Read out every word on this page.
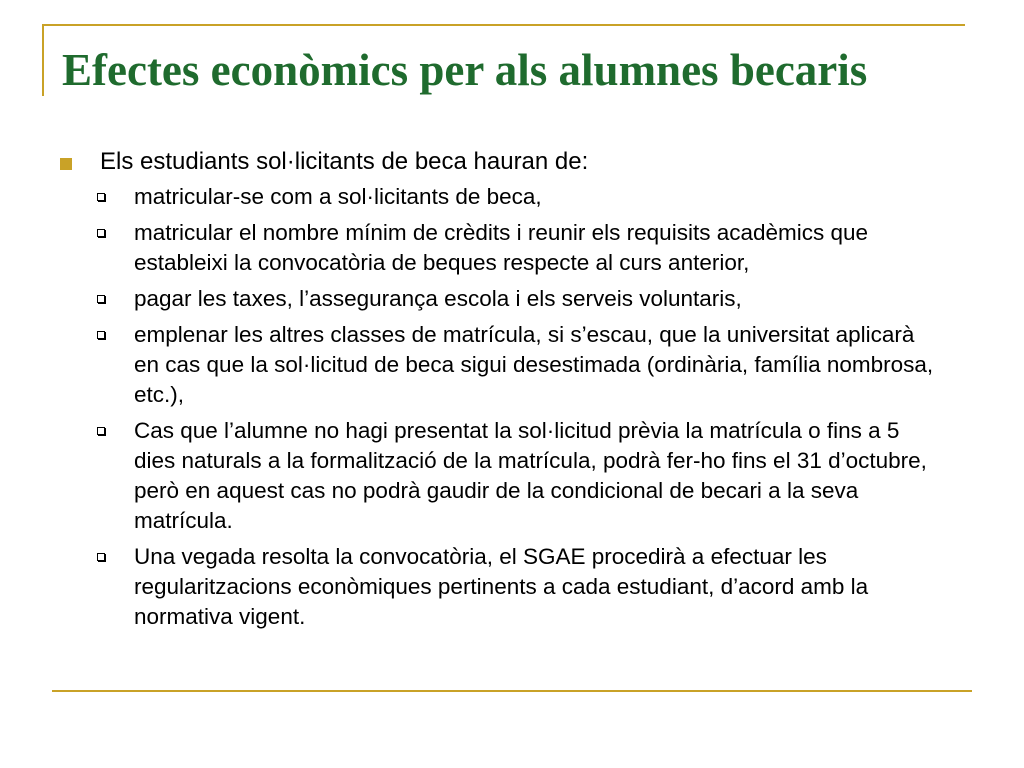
Efectes econòmics per als alumnes becaris
Els estudiants sol·licitants de beca hauran de:
matricular-se com a sol·licitants de beca,
matricular el nombre mínim de crèdits i reunir els requisits acadèmics que estableixi la convocatòria de beques respecte al curs anterior,
pagar les taxes, l’assegurança escola i els serveis voluntaris,
emplenar les altres classes de matrícula, si s’escau, que la universitat aplicarà en cas que la sol·licitud de beca sigui desestimada (ordinària, família nombrosa, etc.),
Cas que l’alumne no hagi presentat la sol·licitud prèvia la matrícula o fins a 5 dies naturals a la formalització de la matrícula, podrà fer-ho fins el 31 d’octubre, però en aquest cas no podrà gaudir de la condicional de becari a la seva matrícula.
Una vegada resolta la convocatòria, el SGAE procedirà a efectuar les regularitzacions econòmiques pertinents a cada estudiant, d’acord amb la normativa vigent.
